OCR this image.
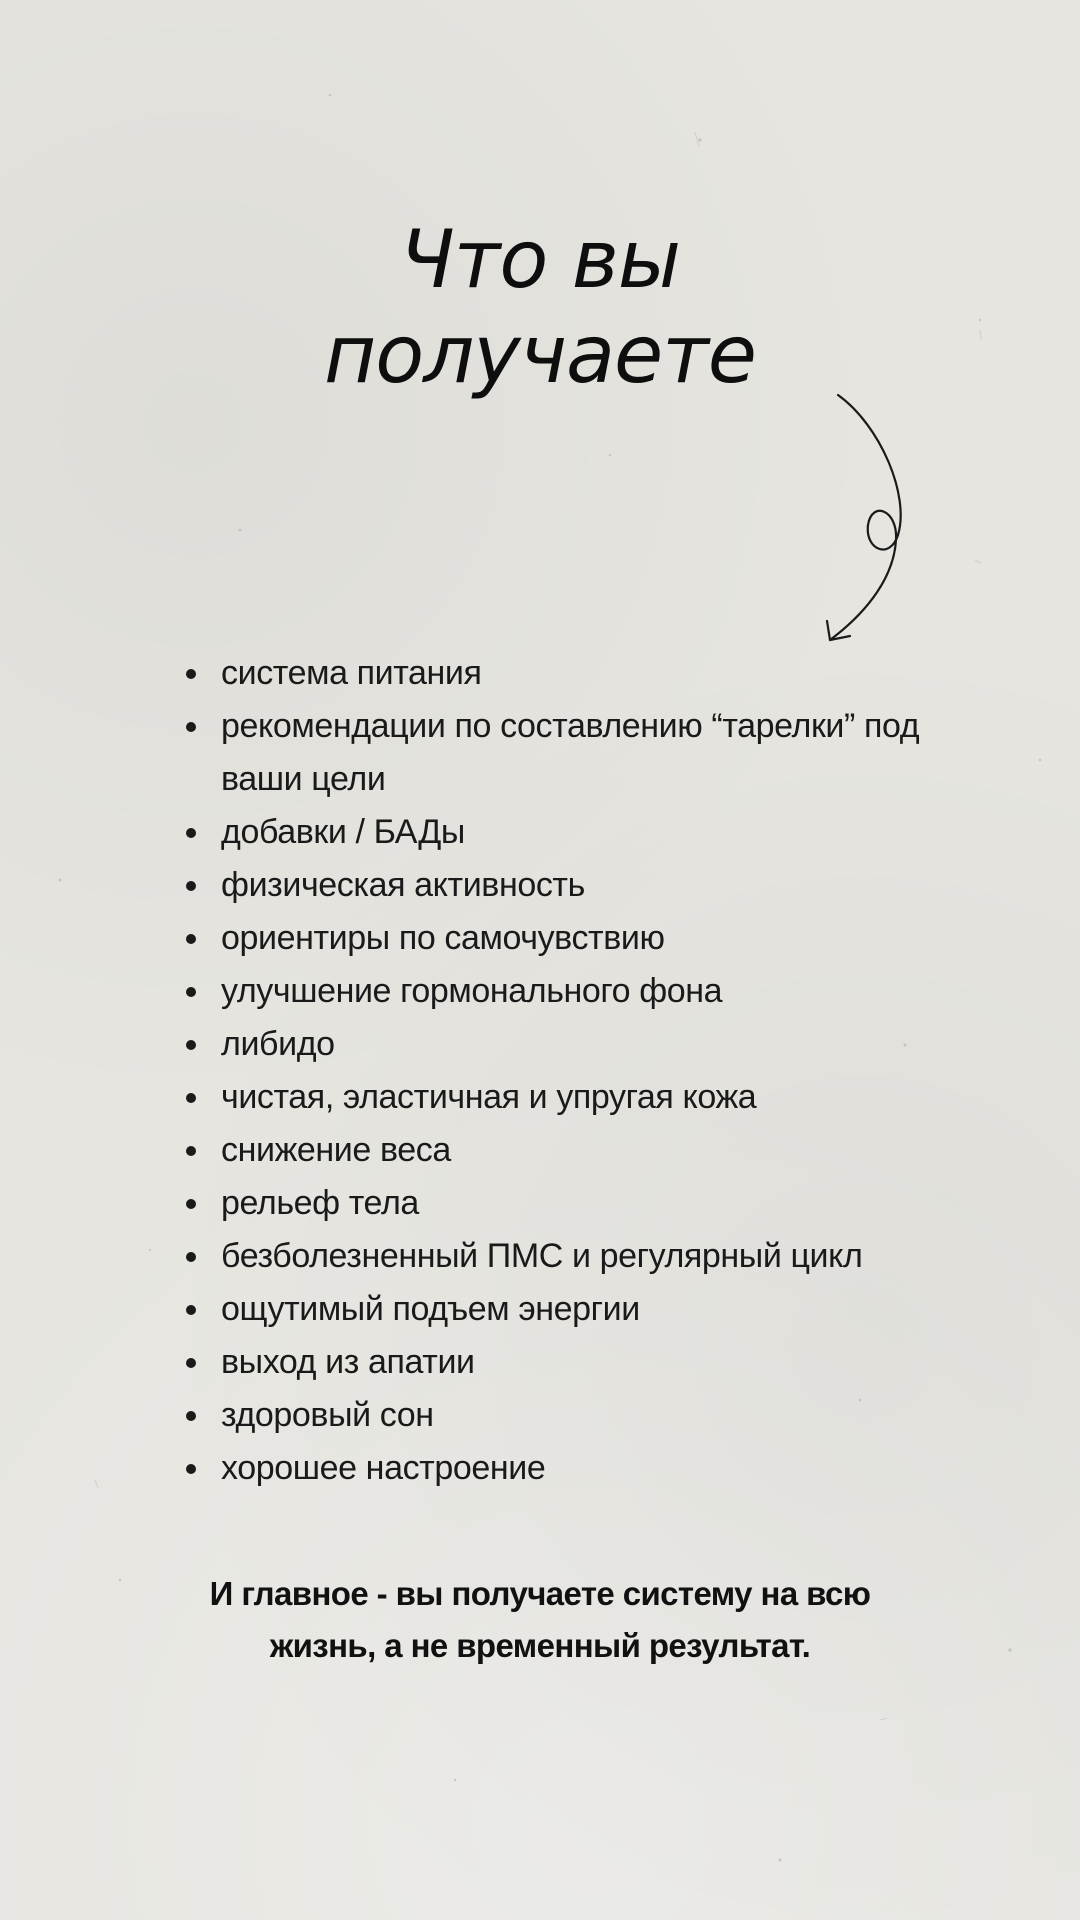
Что вы
получаете
система питания
рекомендации по составлению “тарелки” под ваши цели
добавки / БАДы
физическая активность
ориентиры по самочувствию
улучшение гормонального фона
либидо
чистая, эластичная и упругая кожа
снижение веса
рельеф тела
безболезненный ПМС и регулярный цикл
ощутимый подъем энергии
выход из апатии
здоровый сон
хорошее настроение
И главное - вы получаете систему на всю
жизнь, а не временный результат.
